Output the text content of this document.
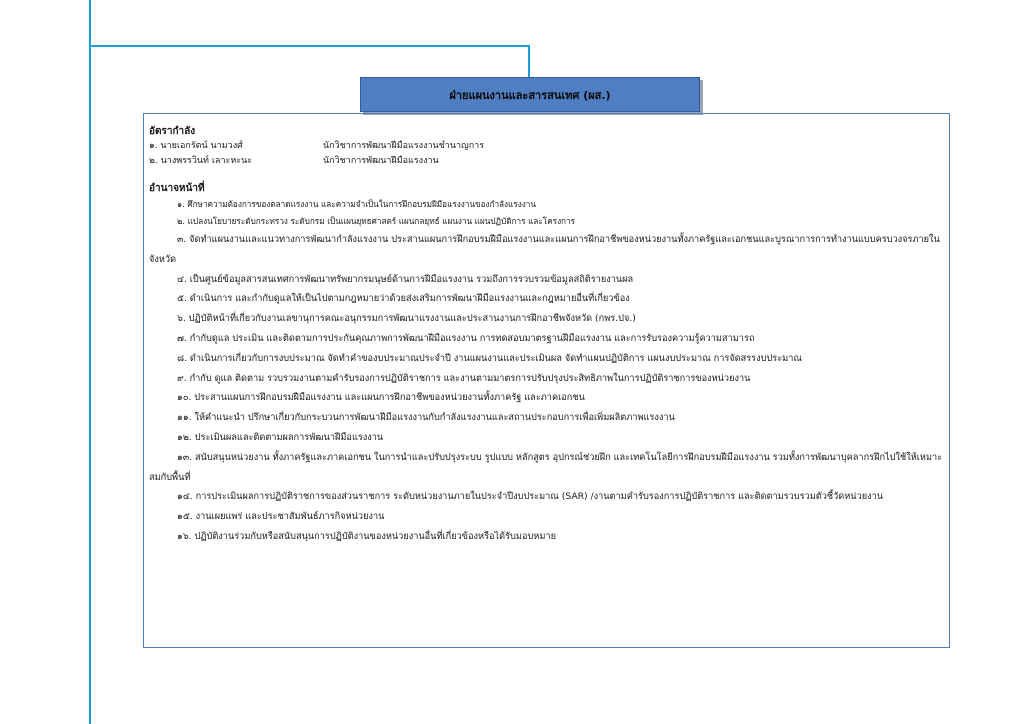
ฝ่ายแผนงานและสารสนเทศ (ผส.)
อัตรากำลัง
๑. นายเอกรัตน์ นามวงศ์	นักวิชาการพัฒนาฝีมือแรงงานชำนาญการ
๒. นางพรรวินท์ เลาะหะนะ	นักวิชาการพัฒนาฝีมือแรงงาน
อำนาจหน้าที่

๑. ศึกษาความต้องการของตลาดแรงงาน และความจำเป็นในการฝึกอบรมฝีมือแรงงานของกำลังแรงงาน

๒. แปลงนโยบายระดับกระทรวง ระดับกรม เป็นแผนยุทธศาสตร์ แผนกลยุทธ์ แผนงาน แผนปฏิบัติการ และโครงการ

๓. จัดทำแผนงานและแนวทางการพัฒนากำลังแรงงาน ประสานแผนการฝึกอบรมฝีมือแรงงานและแผนการฝึกอาชีพของหน่วยงานทั้งภาครัฐและเอกชนและบูรณาการการทำงานแบบครบวงจรภายในจังหวัด

๔. เป็นศูนย์ข้อมูลสารสนเทศการพัฒนาทรัพยากรมนุษย์ด้านการฝีมือแรงงาน รวมถึงการรวบรวมข้อมูลสถิติรายงานผล

๕. ดำเนินการ และกำกับดูแลให้เป็นไปตามกฎหมายว่าด้วยส่งเสริมการพัฒนาฝีมือแรงงานและกฎหมายอื่นที่เกี่ยวข้อง

๖. ปฏิบัติหน้าที่เกี่ยวกับงานเลขานุการคณะอนุกรรมการพัฒนาแรงงานและประสานงานการฝึกอาชีพจังหวัด (กพร.ปจ.)

๗. กำกับดูแล ประเมิน และติดตามการประกันคุณภาพการพัฒนาฝีมือแรงงาน การทดสอบมาตรฐานฝีมือแรงงาน และการรับรองความรู้ความสามารถ

๘. ดำเนินการเกี่ยวกับการงบประมาณ จัดทำคำของบประมาณประจำปี งานแผนงานและประเมินผล จัดทำแผนปฏิบัติการ แผนงบประมาณ การจัดสรรงบประมาณ

๙. กำกับ ดูแล ติดตาม รวบรวมงานตามคำรับรองการปฏิบัติราชการ และงานตามมาตรการปรับปรุงประสิทธิภาพในการปฏิบัติราชการของหน่วยงาน

๑๐. ประสานแผนการฝึกอบรมฝีมือแรงงาน และแผนการฝึกอาชีพของหน่วยงานทั้งภาครัฐ และภาคเอกชน

๑๑. ให้คำแนะนำ ปรึกษาเกี่ยวกับกระบวนการพัฒนาฝีมือแรงงานกับกำลังแรงงานและสถานประกอบการเพื่อเพิ่มผลิตภาพแรงงาน

๑๒. ประเมินผลและติดตามผลการพัฒนาฝีมือแรงงาน

๑๓. สนับสนุนหน่วยงาน ทั้งภาครัฐและภาคเอกชน ในการนำและปรับปรุงระบบ รูปแบบ หลักสูตร อุปกรณ์ช่วยฝึก และเทคโนโลยีการฝึกอบรมฝีมือแรงงาน รวมทั้งการพัฒนาบุคลากรฝึกไปใช้ให้เหมาะสมกับพื้นที่

๑๔. การประเมินผลการปฏิบัติราชการของส่วนราชการ ระดับหน่วยงานภายในประจำปีงบประมาณ (SAR) /งานตามคำรับรองการปฏิบัติราชการ และติดตามรวบรวมตัวชี้วัดหน่วยงาน

๑๕. งานเผยแพร่ และประชาสัมพันธ์ภารกิจหน่วยงาน

๑๖. ปฏิบัติงานร่วมกับหรือสนับสนุนการปฏิบัติงานของหน่วยงานอื่นที่เกี่ยวข้องหรือได้รับมอบหมาย
